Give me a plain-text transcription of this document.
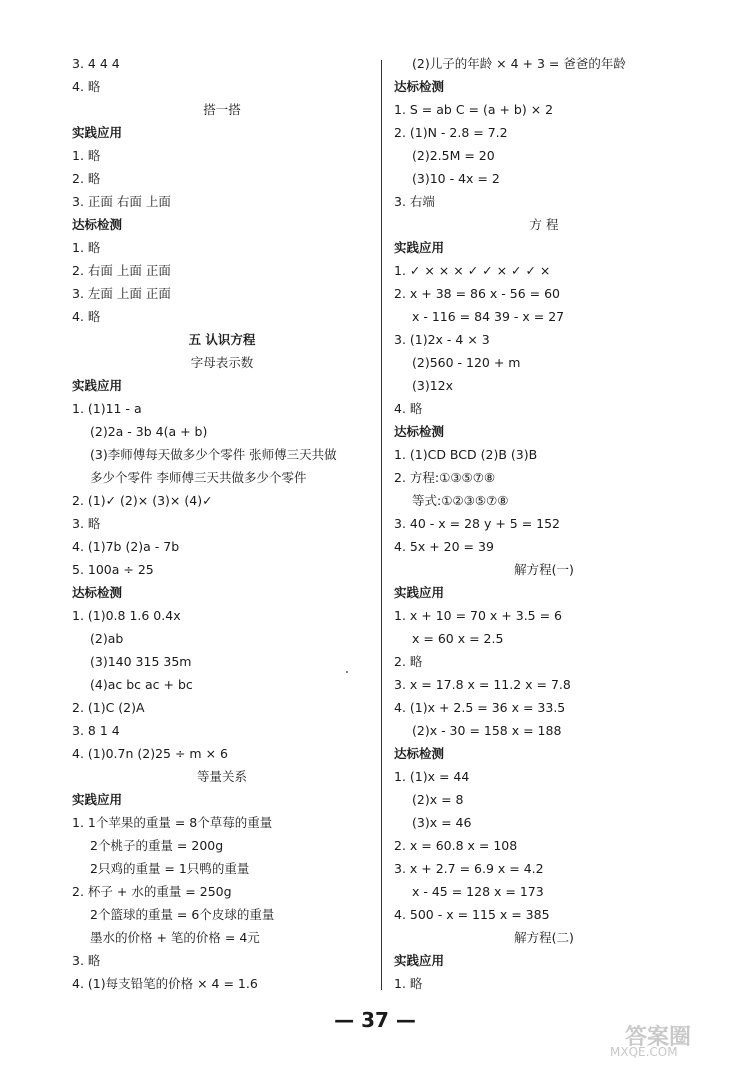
3. 4 4 4
4. 略
搭一搭
实践应用
1. 略
2. 略
3. 正面 右面 上面
达标检测
1. 略
2. 右面 上面 正面
3. 左面 上面 正面
4. 略
五 认识方程
字母表示数
实践应用
1. (1)11 - a
(2)2a - 3b 4(a + b)
(3)李师傅每天做多少个零件 张师傅三天共做
多少个零件 李师傅三天共做多少个零件
2. (1)✓ (2)× (3)× (4)✓
3. 略
4. (1)7b (2)a - 7b
5. 100a ÷ 25
达标检测
1. (1)0.8 1.6 0.4x
(2)ab
(3)140 315 35m
(4)ac bc ac + bc
2. (1)C (2)A
3. 8 1 4
4. (1)0.7n (2)25 ÷ m × 6
等量关系
实践应用
1. 1个苹果的重量 = 8个草莓的重量
2个桃子的重量 = 200g
2只鸡的重量 = 1只鸭的重量
2. 杯子 + 水的重量 = 250g
2个篮球的重量 = 6个皮球的重量
墨水的价格 + 笔的价格 = 4元
3. 略
4. (1)每支铅笔的价格 × 4 = 1.6
(2)儿子的年龄 × 4 + 3 = 爸爸的年龄
达标检测
1. S = ab C = (a + b) × 2
2. (1)N - 2.8 = 7.2
(2)2.5M = 20
(3)10 - 4x = 2
3. 右端
方 程
实践应用
1. ✓ × × × ✓ ✓ × ✓ ✓ ×
2. x + 38 = 86 x - 56 = 60
x - 116 = 84 39 - x = 27
3. (1)2x - 4 × 3
(2)560 - 120 + m
(3)12x
4. 略
达标检测
1. (1)CD BCD (2)B (3)B
2. 方程:①③⑤⑦⑧
等式:①②③⑤⑦⑧
3. 40 - x = 28 y + 5 = 152
4. 5x + 20 = 39
解方程(一)
实践应用
1. x + 10 = 70 x + 3.5 = 6
x = 60 x = 2.5
2. 略
3. x = 17.8 x = 11.2 x = 7.8
4. (1)x + 2.5 = 36 x = 33.5
(2)x - 30 = 158 x = 188
达标检测
1. (1)x = 44
(2)x = 8
(3)x = 46
2. x = 60.8 x = 108
3. x + 2.7 = 6.9 x = 4.2
x - 45 = 128 x = 173
4. 500 - x = 115 x = 385
解方程(二)
实践应用
1. 略
— 37 —
答案圈
MXQE.COM
